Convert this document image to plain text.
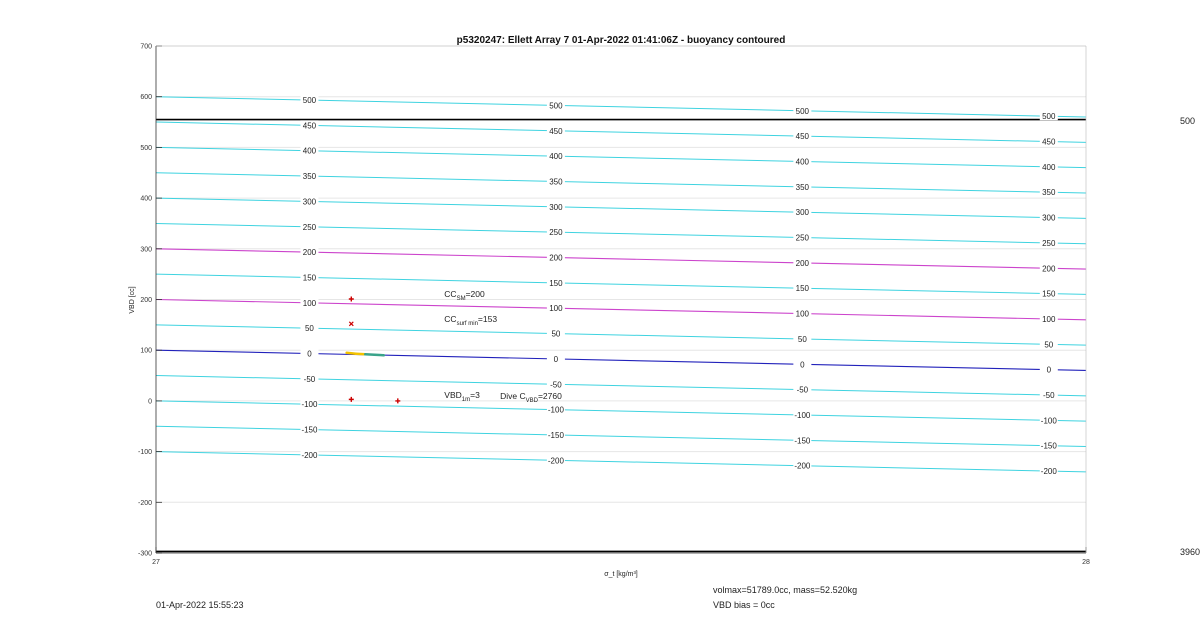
-200
-150
-100
-50
0
50
100
150
200
250
300
350
400
450
500
-200
-150
-100
-50
0
50
100
150
200
250
300
350
400
450
500
-200
-150
-100
-50
0
50
100
150
200
250
300
350
400
450
500
-200
-150
-100
-50
0
50
100
150
200
250
300
350
400
450
500
$CC_{SM}=200$
$CC_{surf min}=153$
$VBD_{1m}=3$ Dive $C_{VBD}=2760$
-300
-200
-100
0
100
200
300
400
500
600
700
27	28
p5320247: Ellett Array 7 01-Apr-2022 01:41:06Z - buoyancy contoured
VBD [cc]
σ_t [kg/m³]
01-Apr-2022 15:55:23
volmax=51789.0cc, mass=52.520kg
VBD bias = 0cc
500
3960
